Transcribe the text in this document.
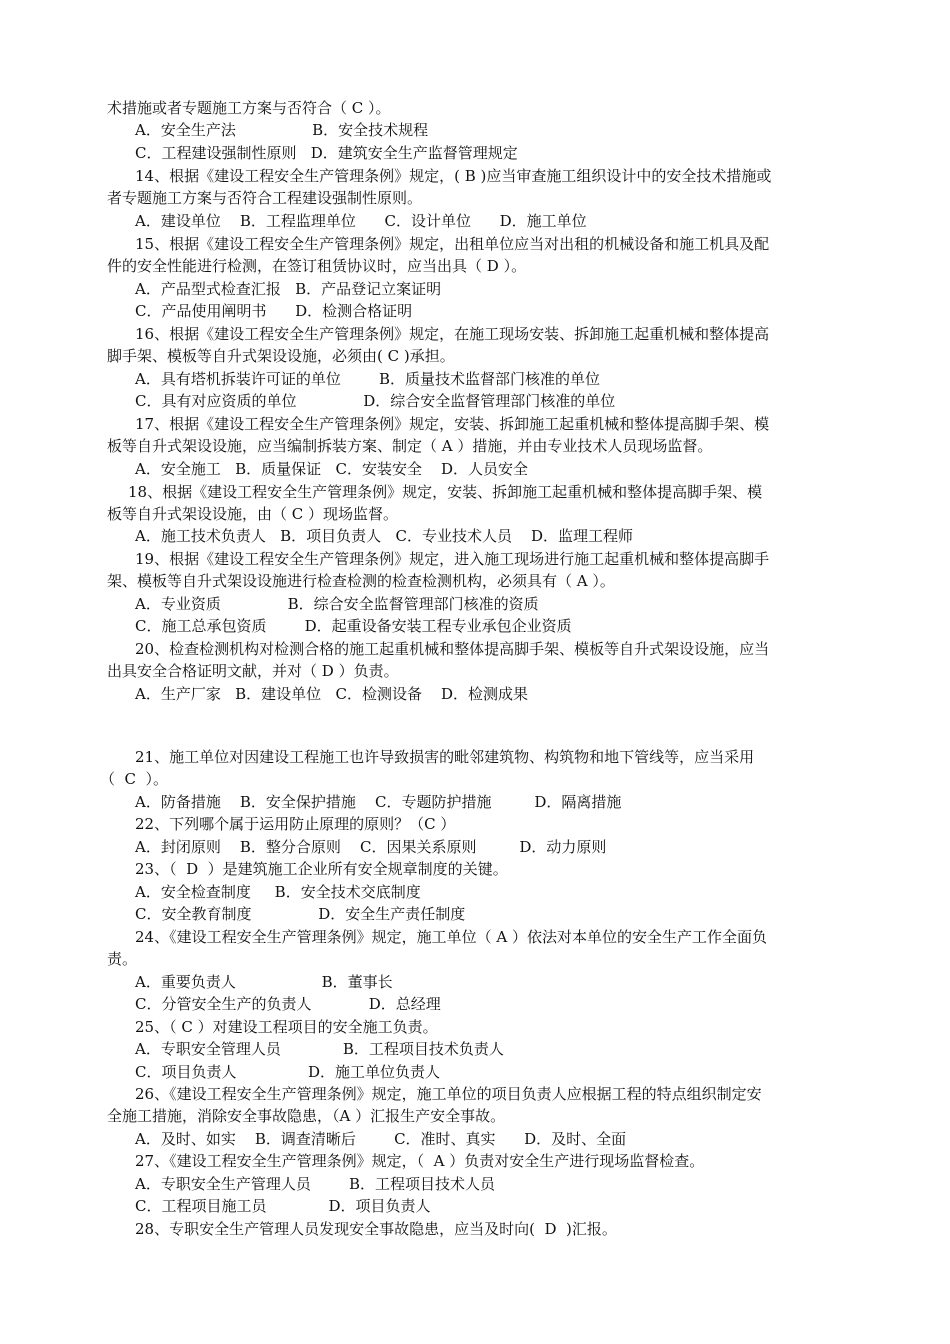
术措施或者专题施工方案与否符合（ C ）。
A．安全生产法                B．安全技术规程
C．工程建设强制性原则   D．建筑安全生产监督管理规定
14、根据《建设工程安全生产管理条例》规定，( B )应当审查施工组织设计中的安全技术措施或
者专题施工方案与否符合工程建设强制性原则。
A．建设单位    B．工程监理单位      C．设计单位      D．施工单位
15、根据《建设工程安全生产管理条例》规定，出租单位应当对出租的机械设备和施工机具及配
件的安全性能进行检测，在签订租赁协议时，应当出具（ D ）。
A．产品型式检查汇报   B．产品登记立案证明
C．产品使用阐明书      D．检测合格证明
16、根据《建设工程安全生产管理条例》规定，在施工现场安装、拆卸施工起重机械和整体提高
脚手架、模板等自升式架设设施，必须由( C )承担。
A．具有塔机拆装许可证的单位        B．质量技术监督部门核准的单位
C．具有对应资质的单位              D．综合安全监督管理部门核准的单位
17、根据《建设工程安全生产管理条例》规定，安装、拆卸施工起重机械和整体提高脚手架、模
板等自升式架设设施，应当编制拆装方案、制定（ A ）措施，并由专业技术人员现场监督。
A．安全施工   B．质量保证   C．安装安全    D．人员安全
18、根据《建设工程安全生产管理条例》规定，安装、拆卸施工起重机械和整体提高脚手架、模
板等自升式架设设施，由（ C ）现场监督。
A．施工技术负责人   B．项目负责人   C．专业技术人员    D．监理工程师
19、根据《建设工程安全生产管理条例》规定，进入施工现场进行施工起重机械和整体提高脚手
架、模板等自升式架设设施进行检查检测的检查检测机构，必须具有（ A ）。
A．专业资质              B．综合安全监督管理部门核准的资质
C．施工总承包资质        D．起重设备安装工程专业承包企业资质
20、检查检测机构对检测合格的施工起重机械和整体提高脚手架、模板等自升式架设设施，应当
出具安全合格证明文献，并对（ D ）负责。
A．生产厂家   B．建设单位   C．检测设备    D．检测成果
21、施工单位对因建设工程施工也许导致损害的毗邻建筑物、构筑物和地下管线等，应当采用
（  C  ）。
A．防备措施    B．安全保护措施    C．专题防护措施         D．隔离措施
22、下列哪个属于运用防止原理的原则？（C ）
A．封闭原则    B．整分合原则    C．因果关系原则         D．动力原则
23、（  D  ）是建筑施工企业所有安全规章制度的关键。
A．安全检查制度     B．安全技术交底制度
C．安全教育制度              D．安全生产责任制度
24、《建设工程安全生产管理条例》规定，施工单位（ A ）依法对本单位的安全生产工作全面负
责。
A．重要负责人                  B．董事长
C．分管安全生产的负责人            D．总经理
25、（ C ）对建设工程项目的安全施工负责。
A．专职安全管理人员             B．工程项目技术负责人
C．项目负责人               D．施工单位负责人
26、《建设工程安全生产管理条例》规定，施工单位的项目负责人应根据工程的特点组织制定安
全施工措施，消除安全事故隐患，（A ）汇报生产安全事故。
A．及时、如实    B．调查清晰后        C．准时、真实      D．及时、全面
27、《建设工程安全生产管理条例》规定，（  A ）负责对安全生产进行现场监督检查。
A．专职安全生产管理人员        B．工程项目技术人员
C．工程项目施工员             D．项目负责人
28、专职安全生产管理人员发现安全事故隐患，应当及时向(  D  )汇报。
